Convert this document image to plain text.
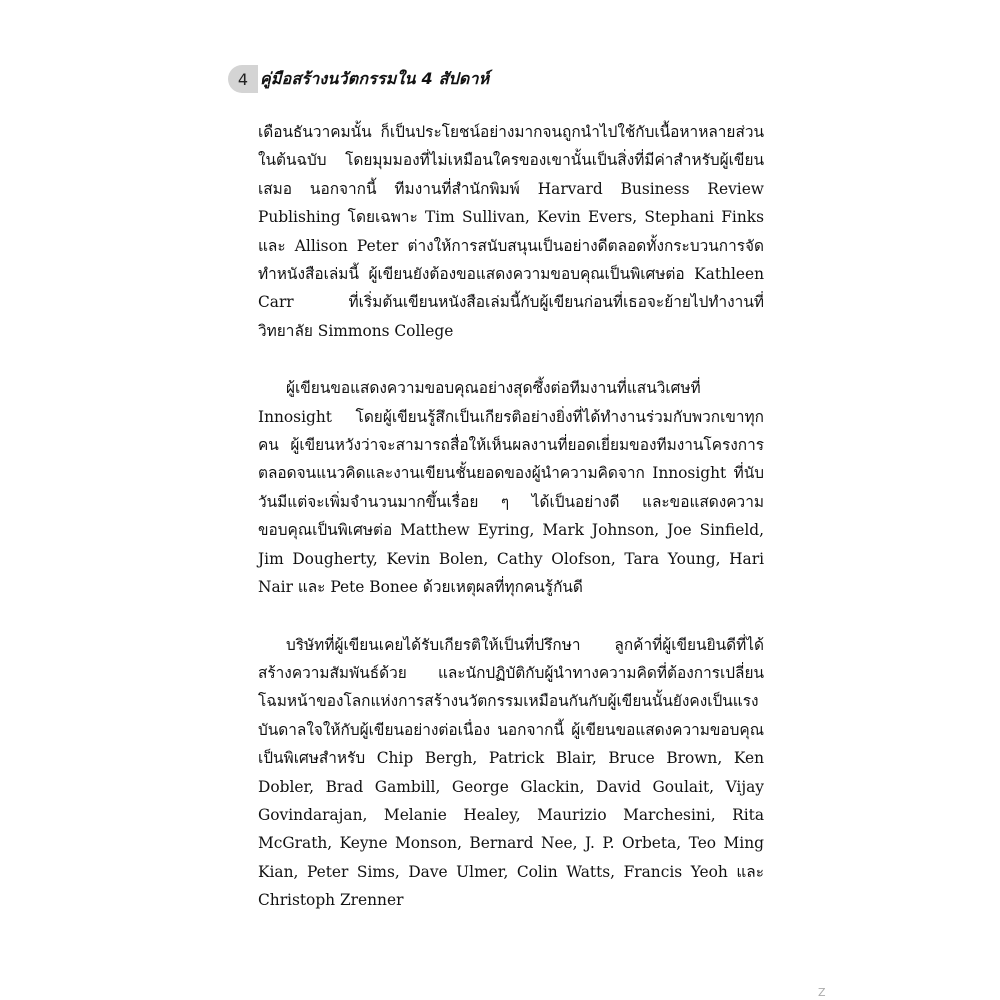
4 คู่มือสร้างนวัตกรรมใน 4 สัปดาห์

เดือนธันวาคมนั้น ก็เป็นประโยชน์อย่างมากจนถูกนำไปใช้กับเนื้อหาหลายส่วนในต้นฉบับ โดยมุมมองที่ไม่เหมือนใครของเขานั้นเป็นสิ่งที่มีค่าสำหรับผู้เขียนเสมอ นอกจากนี้ ทีมงานที่สำนักพิมพ์ Harvard Business Review Publishing โดยเฉพาะ Tim Sullivan, Kevin Evers, Stephani Finks และ Allison Peter ต่างให้การสนับสนุนเป็นอย่างดีตลอดทั้งกระบวนการจัดทำหนังสือเล่มนี้ ผู้เขียนยังต้องขอแสดงความขอบคุณเป็นพิเศษต่อ Kathleen Carr ที่เริ่มต้นเขียนหนังสือเล่มนี้กับผู้เขียนก่อนที่เธอจะย้ายไปทำงานที่วิทยาลัย Simmons College

ผู้เขียนขอแสดงความขอบคุณอย่างสุดซึ้งต่อทีมงานที่แสนวิเศษที่ Innosight โดยผู้เขียนรู้สึกเป็นเกียรติอย่างยิ่งที่ได้ทำงานร่วมกับพวกเขาทุกคน ผู้เขียนหวังว่าจะสามารถสื่อให้เห็นผลงานที่ยอดเยี่ยมของทีมงานโครงการ ตลอดจนแนวคิดและงานเขียนชั้นยอดของผู้นำความคิดจาก Innosight ที่นับวันมีแต่จะเพิ่มจำนวนมากขึ้นเรื่อย ๆ ได้เป็นอย่างดี และขอแสดงความขอบคุณเป็นพิเศษต่อ Matthew Eyring, Mark Johnson, Joe Sinfield, Jim Dougherty, Kevin Bolen, Cathy Olofson, Tara Young, Hari Nair และ Pete Bonee ด้วยเหตุผลที่ทุกคนรู้กันดี

บริษัทที่ผู้เขียนเคยได้รับเกียรติให้เป็นที่ปรึกษา ลูกค้าที่ผู้เขียนยินดีที่ได้สร้างความสัมพันธ์ด้วย และนักปฏิบัติกับผู้นำทางความคิดที่ต้องการเปลี่ยนโฉมหน้าของโลกแห่งการสร้างนวัตกรรมเหมือนกันกับผู้เขียนนั้นยังคงเป็นแรงบันดาลใจให้กับผู้เขียนอย่างต่อเนื่อง นอกจากนี้ ผู้เขียนขอแสดงความขอบคุณเป็นพิเศษสำหรับ Chip Bergh, Patrick Blair, Bruce Brown, Ken Dobler, Brad Gambill, George Glackin, David Goulait, Vijay Govindarajan, Melanie Healey, Maurizio Marchesini, Rita McGrath, Keyne Monson, Bernard Nee, J. P. Orbeta, Teo Ming Kian, Peter Sims, Dave Ulmer, Colin Watts, Francis Yeoh และ Christoph Zrenner

Z
